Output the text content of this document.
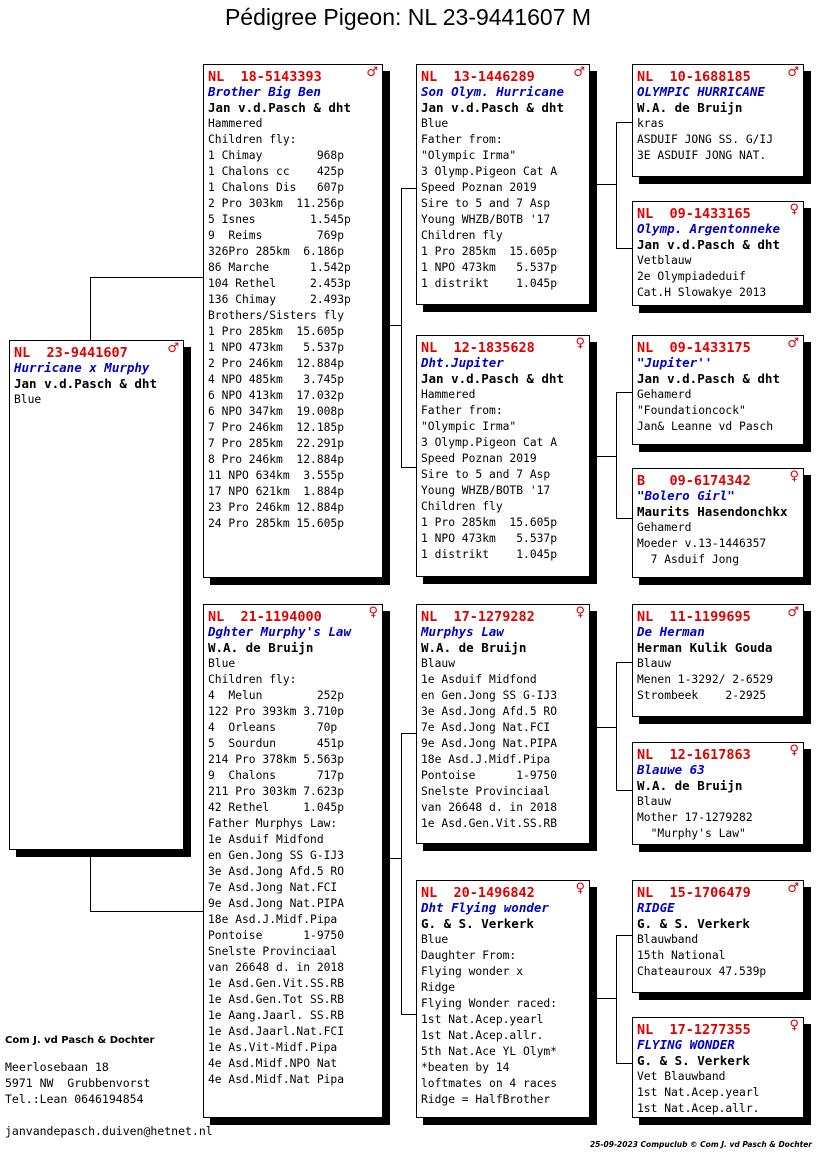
Pédigree Pigeon: NL 23-9441607 M
NL  23-9441607	♂
Hurricane x Murphy
Jan v.d.Pasch & dht
Blue
NL  18-5143393	♂
Brother Big Ben
Jan v.d.Pasch & dht
Hammered
Children fly:
1 Chimay        968p
1 Chalons cc    425p
1 Chalons Dis   607p
2 Pro 303km  11.256p
5 Isnes        1.545p
9  Reims        769p
326Pro 285km  6.186p
86 Marche      1.542p
104 Rethel     2.453p
136 Chimay     2.493p
Brothers/Sisters fly
1 Pro 285km  15.605p
1 NPO 473km   5.537p
2 Pro 246km  12.884p
4 NPO 485km   3.745p
6 NPO 413km  17.032p
6 NPO 347km  19.008p
7 Pro 246km  12.185p
7 Pro 285km  22.291p
8 Pro 246km  12.884p
11 NPO 634km  3.555p
17 NPO 621km  1.884p
23 Pro 246km 12.884p
24 Pro 285km 15.605p
NL  21-1194000	♀
Dghter Murphy's Law
W.A. de Bruijn
Blue
Children fly:
4  Melun        252p
122 Pro 393km 3.710p
4  Orleans      70p
5  Sourdun      451p
214 Pro 378km 5.563p
9  Chalons      717p
211 Pro 303km 7.623p
42 Rethel     1.045p
Father Murphys Law:
1e Asduif Midfond
en Gen.Jong SS G-IJ3
3e Asd.Jong Afd.5 RO
7e Asd.Jong Nat.FCI
9e Asd.Jong Nat.PIPA
18e Asd.J.Midf.Pipa
Pontoise      1-9750
Snelste Provinciaal
van 26648 d. in 2018
1e Asd.Gen.Vit.SS.RB
1e Asd.Gen.Tot SS.RB
1e Aang.Jaarl. SS.RB
1e Asd.Jaarl.Nat.FCI
1e As.Vit-Midf.Pipa
4e Asd.Midf.NPO Nat
4e Asd.Midf.Nat Pipa
NL  13-1446289	♂
Son Olym. Hurricane
Jan v.d.Pasch & dht
Blue
Father from:
"Olympic Irma"
3 Olymp.Pigeon Cat A
Speed Poznan 2019
Sire to 5 and 7 Asp
Young WHZB/BOTB '17
Children fly
1 Pro 285km  15.605p
1 NPO 473km   5.537p
1 distrikt    1.045p
NL  12-1835628	♀
Dht.Jupiter
Jan v.d.Pasch & dht
Hammered
Father from:
"Olympic Irma"
3 Olymp.Pigeon Cat A
Speed Poznan 2019
Sire to 5 and 7 Asp
Young WHZB/BOTB '17
Children fly
1 Pro 285km  15.605p
1 NPO 473km   5.537p
1 distrikt    1.045p
NL  17-1279282	♀
Murphys Law
W.A. de Bruijn
Blauw
1e Asduif Midfond
en Gen.Jong SS G-IJ3
3e Asd.Jong Afd.5 RO
7e Asd.Jong Nat.FCI
9e Asd.Jong Nat.PIPA
18e Asd.J.Midf.Pipa
Pontoise      1-9750
Snelste Provinciaal
van 26648 d. in 2018
1e Asd.Gen.Vit.SS.RB
NL  20-1496842	♀
Dht Flying wonder
G. & S. Verkerk
Blue
Daughter From:
Flying wonder x
Ridge
Flying Wonder raced:
1st Nat.Acep.yearl
1st Nat.Acep.allr.
5th Nat.Ace YL Olym*
*beaten by 14
loftmates on 4 races
Ridge = HalfBrother
NL  10-1688185	♂
OLYMPIC HURRICANE
W.A. de Bruijn
kras
ASDUIF JONG SS. G/IJ
3E ASDUIF JONG NAT.
NL  09-1433165	♀
Olymp. Argentonneke
Jan v.d.Pasch & dht
Vetblauw
2e Olympiadeduif
Cat.H Slowakye 2013
NL  09-1433175	♂
"Jupiter''
Jan v.d.Pasch & dht
Gehamerd
"Foundationcock"
Jan& Leanne vd Pasch
B   09-6174342	♀
"Bolero Girl"
Maurits Hasendonchkx
Gehamerd
Moeder v.13-1446357
7 Asduif Jong
NL  11-1199695	♂
De Herman
Herman Kulik Gouda
Blauw
Menen 1-3292/ 2-6529
Strombeek    2-2925
NL  12-1617863	♀
Blauwe 63
W.A. de Bruijn
Blauw
Mother 17-1279282
"Murphy's Law"
NL  15-1706479	♂
RIDGE
G. & S. Verkerk
Blauwband
15th National
Chateauroux 47.539p
NL  17-1277355	♀
FLYING WONDER
G. & S. Verkerk
Vet Blauwband
1st Nat.Acep.yearl
1st Nat.Acep.allr.
Com J. vd Pasch & Dochter
Meerlosebaan 18
5971 NW  Grubbenvorst
Tel.:Lean 0646194854
janvandepasch.duiven@hetnet.nl
25-09-2023 Compuclub © Com J. vd Pasch & Dochter
